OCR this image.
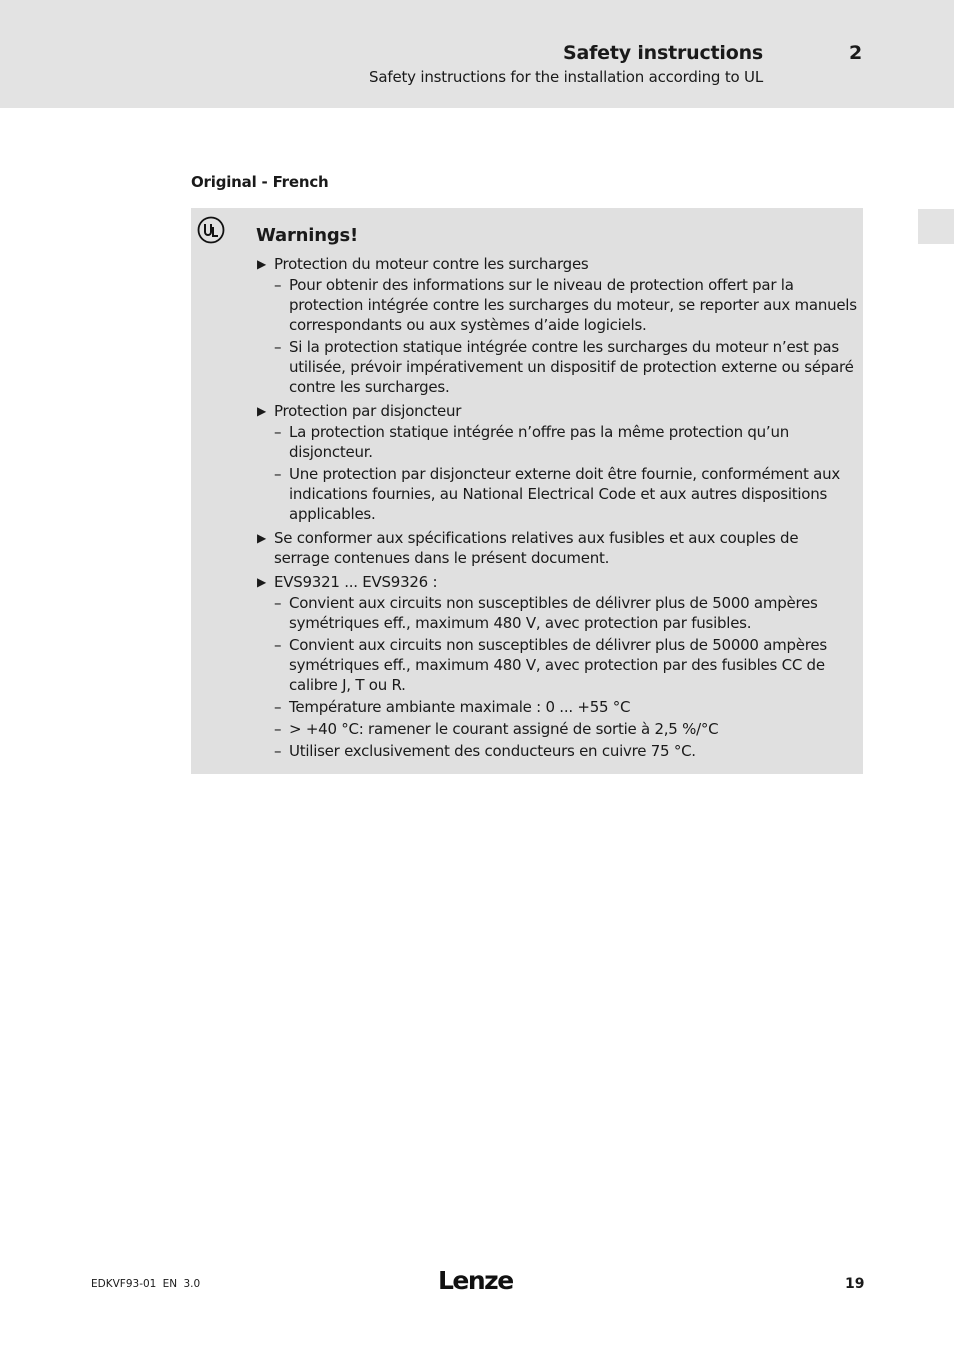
Safety instructions	2
Safety instructions for the installation according to UL
Original - French
Warnings!
▶ Protection du moteur contre les surcharges
– Pour obtenir des informations sur le niveau de protection offert par la protection intégrée contre les surcharges du moteur, se reporter aux manuels correspondants ou aux systèmes d’aide logiciels.
– Si la protection statique intégrée contre les surcharges du moteur n’est pas utilisée, prévoir impérativement un dispositif de protection externe ou séparé contre les surcharges.
▶ Protection par disjoncteur
– La protection statique intégrée n’offre pas la même protection qu’un disjoncteur.
– Une protection par disjoncteur externe doit être fournie, conformément aux indications fournies, au National Electrical Code et aux autres dispositions applicables.
▶ Se conformer aux spécifications relatives aux fusibles et aux couples de serrage contenues dans le présent document.
▶ EVS9321 ... EVS9326 :
– Convient aux circuits non susceptibles de délivrer plus de 5000 ampères symétriques eff., maximum 480 V, avec protection par fusibles.
– Convient aux circuits non susceptibles de délivrer plus de 50000 ampères symétriques eff., maximum 480 V, avec protection par des fusibles CC de calibre J, T ou R.
– Température ambiante maximale : 0 ... +55 °C
– > +40 °C: ramener le courant assigné de sortie à 2,5 %/°C
– Utiliser exclusivement des conducteurs en cuivre 75 °C.
EDKVF93-01 EN 3.0	Lenze	19
